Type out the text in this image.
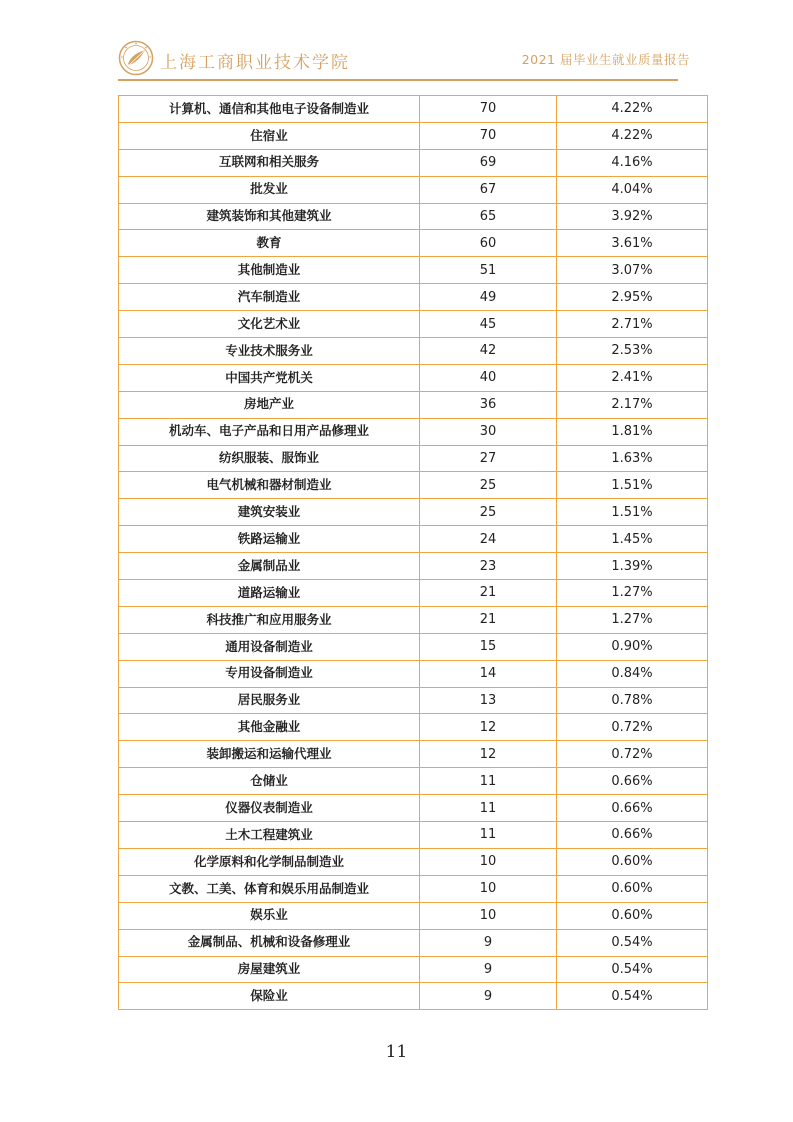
上海工商职业技术学院	2021 届毕业生就业质量报告
计算机、通信和其他电子设备制造业	70	4.22%
住宿业	70	4.22%
互联网和相关服务	69	4.16%
批发业	67	4.04%
建筑装饰和其他建筑业	65	3.92%
教育	60	3.61%
其他制造业	51	3.07%
汽车制造业	49	2.95%
文化艺术业	45	2.71%
专业技术服务业	42	2.53%
中国共产党机关	40	2.41%
房地产业	36	2.17%
机动车、电子产品和日用产品修理业	30	1.81%
纺织服装、服饰业	27	1.63%
电气机械和器材制造业	25	1.51%
建筑安装业	25	1.51%
铁路运输业	24	1.45%
金属制品业	23	1.39%
道路运输业	21	1.27%
科技推广和应用服务业	21	1.27%
通用设备制造业	15	0.90%
专用设备制造业	14	0.84%
居民服务业	13	0.78%
其他金融业	12	0.72%
装卸搬运和运输代理业	12	0.72%
仓储业	11	0.66%
仪器仪表制造业	11	0.66%
土木工程建筑业	11	0.66%
化学原料和化学制品制造业	10	0.60%
文教、工美、体育和娱乐用品制造业	10	0.60%
娱乐业	10	0.60%
金属制品、机械和设备修理业	9	0.54%
房屋建筑业	9	0.54%
保险业	9	0.54%
11
